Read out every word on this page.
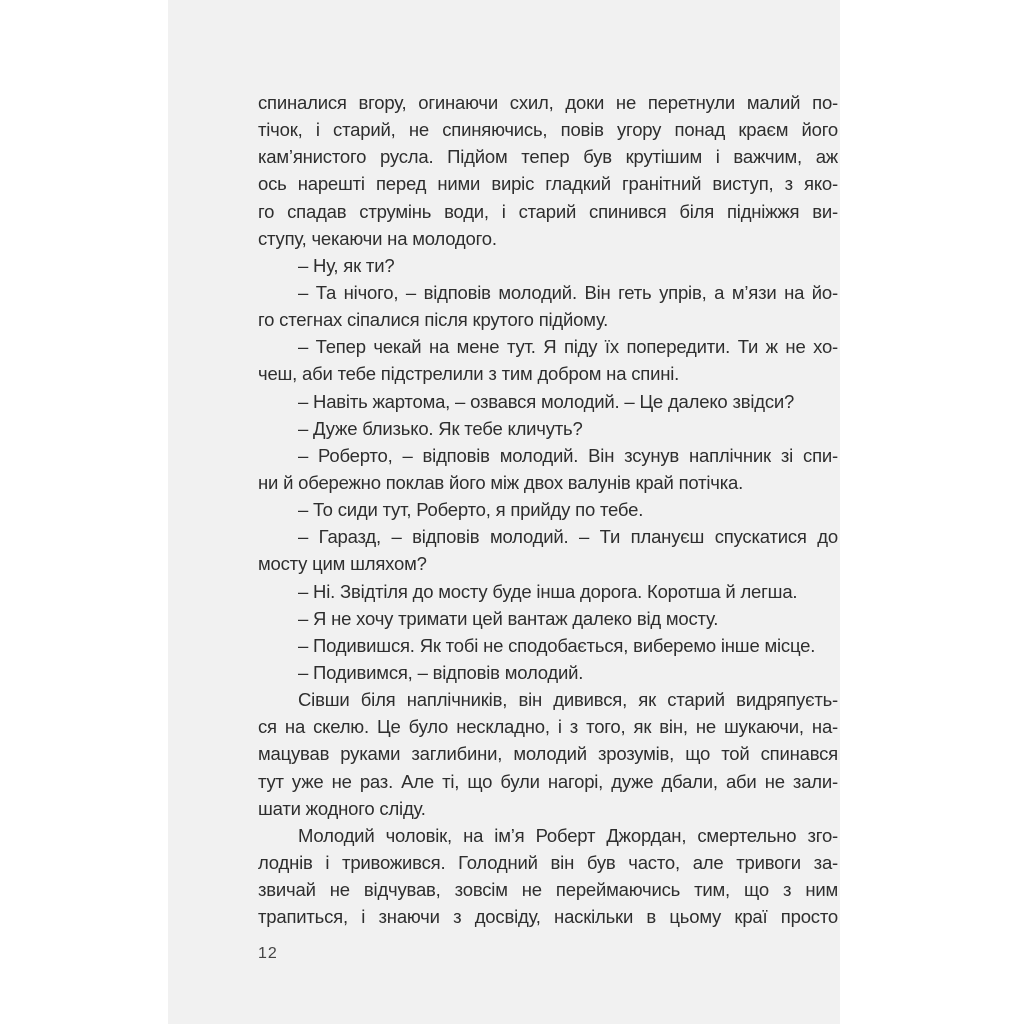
спиналися вгору, огинаючи схил, доки не перетнули малий по-
тічок, і старий, не спиняючись, повів угору понад краєм його
кам’янистого русла. Підйом тепер був крутішим і важчим, аж
ось нарешті перед ними виріс гладкий гранітний виступ, з яко-
го спадав струмінь води, і старий спинився біля підніжжя ви-
ступу, чекаючи на молодого.
– Ну, як ти?
– Та нічого, – відповів молодий. Він геть упрів, а м’язи на йо-
го стегнах сіпалися після крутого підйому.
– Тепер чекай на мене тут. Я піду їх попередити. Ти ж не хо-
чеш, аби тебе підстрелили з тим добром на спині.
– Навіть жартома, – озвався молодий. – Це далеко звідси?
– Дуже близько. Як тебе кличуть?
– Роберто, – відповів молодий. Він зсунув наплічник зі спи-
ни й обережно поклав його між двох валунів край потічка.
– То сиди тут, Роберто, я прийду по тебе.
– Гаразд, – відповів молодий. – Ти плануєш спускатися до
мосту цим шляхом?
– Ні. Звідтіля до мосту буде інша дорога. Коротша й легша.
– Я не хочу тримати цей вантаж далеко від мосту.
– Подивишся. Як тобі не сподобається, виберемо інше місце.
– Подивимся, – відповів молодий.
Сівши біля наплічників, він дивився, як старий видряпуєть-
ся на скелю. Це було нескладно, і з того, як він, не шукаючи, на-
мацував руками заглибини, молодий зрозумів, що той спинався
тут уже не раз. Але ті, що були нагорі, дуже дбали, аби не зали-
шати жодного сліду.
Молодий чоловік, на ім’я Роберт Джордан, смертельно зго-
лоднів і тривожився. Голодний він був часто, але тривоги за-
звичай не відчував, зовсім не переймаючись тим, що з ним
трапиться, і знаючи з досвіду, наскільки в цьому краї просто
12
